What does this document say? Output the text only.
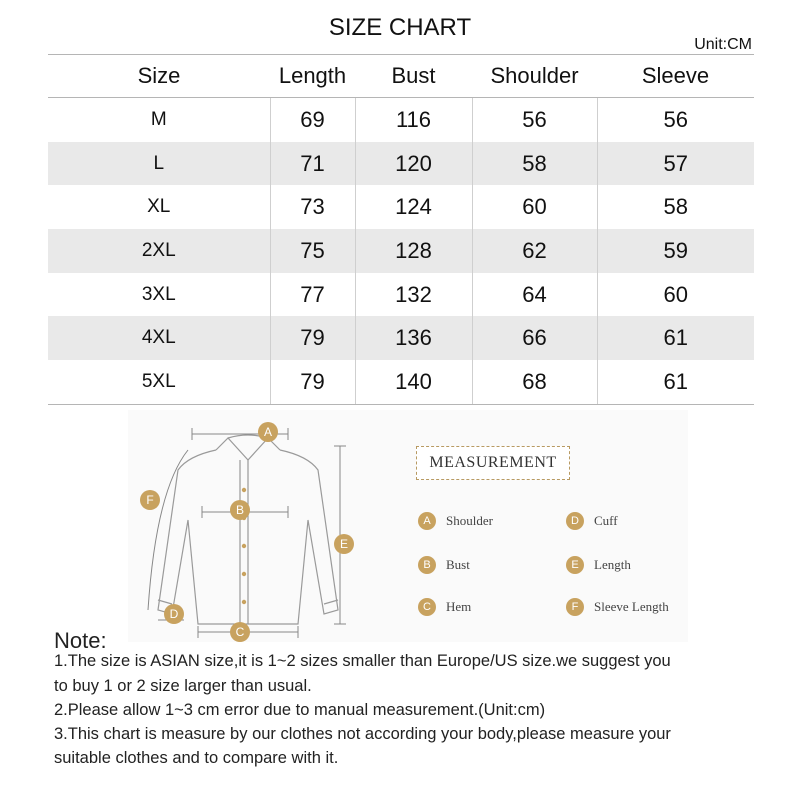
SIZE CHART
Unit:CM
Size	Length	Bust	Shoulder	Sleeve
M	69	116	56	56
L	71	120	58	57
XL	73	124	60	58
2XL	75	128	62	59
3XL	77	132	64	60
4XL	79	136	66	61
5XL	79	140	68	61
A
B
C
D
E
F
MEASUREMENT
A	Shoulder
B	Bust
C	Hem
D	Cuff
E	Length
F	Sleeve Length
Note:
1.The size is ASIAN size,it is 1~2 sizes smaller than Europe/US size.we suggest you
to buy 1 or 2 size larger than usual.
2.Please allow 1~3 cm error due to manual measurement.(Unit:cm)
3.This chart is measure by our clothes not according your body,please measure your
suitable clothes and to compare with it.
